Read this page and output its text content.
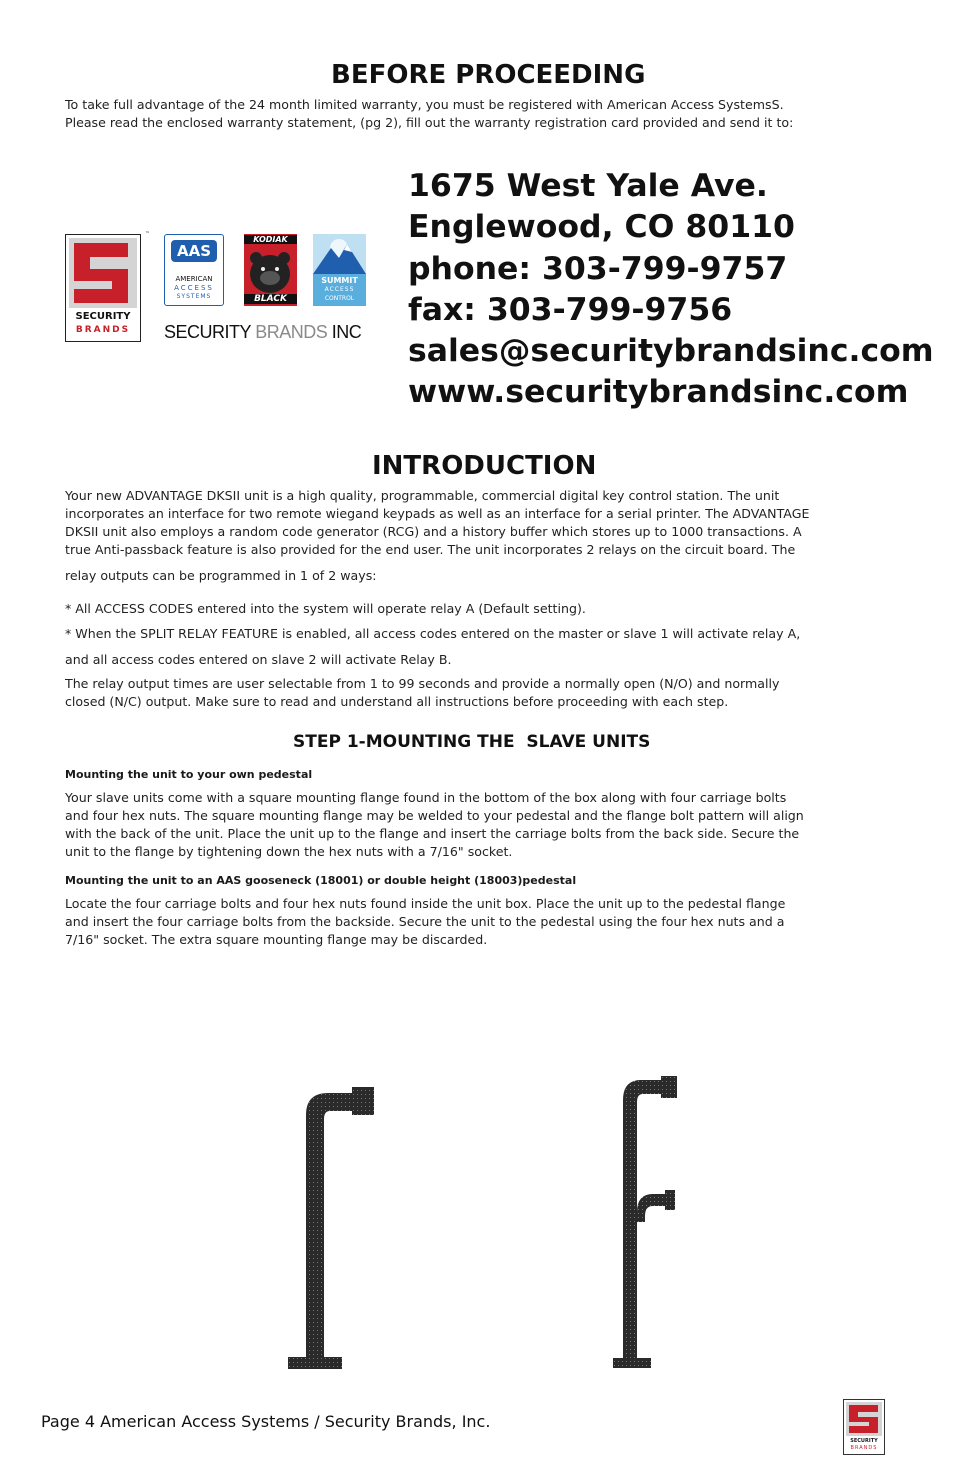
BEFORE PROCEEDING

To take full advantage of the 24 month limited warranty, you must be registered with American Access SystemsS.

Please read the enclosed warranty statement, (pg 2), fill out the warranty registration card provided and send it to:

SECURITY
BRANDS
™
AAS
AMERICAN
ACCESS
SYSTEMS
KODIAK
BLACK
SUMMIT
ACCESS
CONTROL
SECURITY BRANDS INC
1675 West Yale Ave.
Englewood, CO 80110
phone: 303-799-9757
fax: 303-799-9756
sales@securitybrandsinc.com
www.securitybrandsinc.com
INTRODUCTION

Your new ADVANTAGE DKSII unit is a high quality, programmable, commercial digital key control station. The unit

incorporates an interface for two remote wiegand keypads as well as an interface for a serial printer. The ADVANTAGE

DKSII unit also employs a random code generator (RCG) and a history buffer which stores up to 1000 transactions. A

true Anti-passback feature is also provided for the end user. The unit incorporates 2 relays on the circuit board. The

relay outputs can be programmed in 1 of 2 ways:

* All ACCESS CODES entered into the system will operate relay A (Default setting).

* When the SPLIT RELAY FEATURE is enabled, all access codes entered on the master or slave 1 will activate relay A,

and all access codes entered on slave 2 will activate Relay B.

The relay output times are user selectable from 1 to 99 seconds and provide a normally open (N/O) and normally

closed (N/C) output. Make sure to read and understand all instructions before proceeding with each step.

STEP 1-MOUNTING THE  SLAVE UNITS

Mounting the unit to your own pedestal

Your slave units come with a square mounting flange found in the bottom of the box along with four carriage bolts

and four hex nuts. The square mounting flange may be welded to your pedestal and the flange bolt pattern will align

with the back of the unit. Place the unit up to the flange and insert the carriage bolts from the back side. Secure the

unit to the flange by tightening down the hex nuts with a 7/16" socket.

Mounting the unit to an AAS gooseneck (18001) or double height (18003)pedestal

Locate the four carriage bolts and four hex nuts found inside the unit box. Place the unit up to the pedestal flange

and insert the four carriage bolts from the backside. Secure the unit to the pedestal using the four hex nuts and a

7/16" socket. The extra square mounting flange may be discarded.

Page 4 American Access Systems / Security Brands, Inc.
SECURITY
BRANDS
